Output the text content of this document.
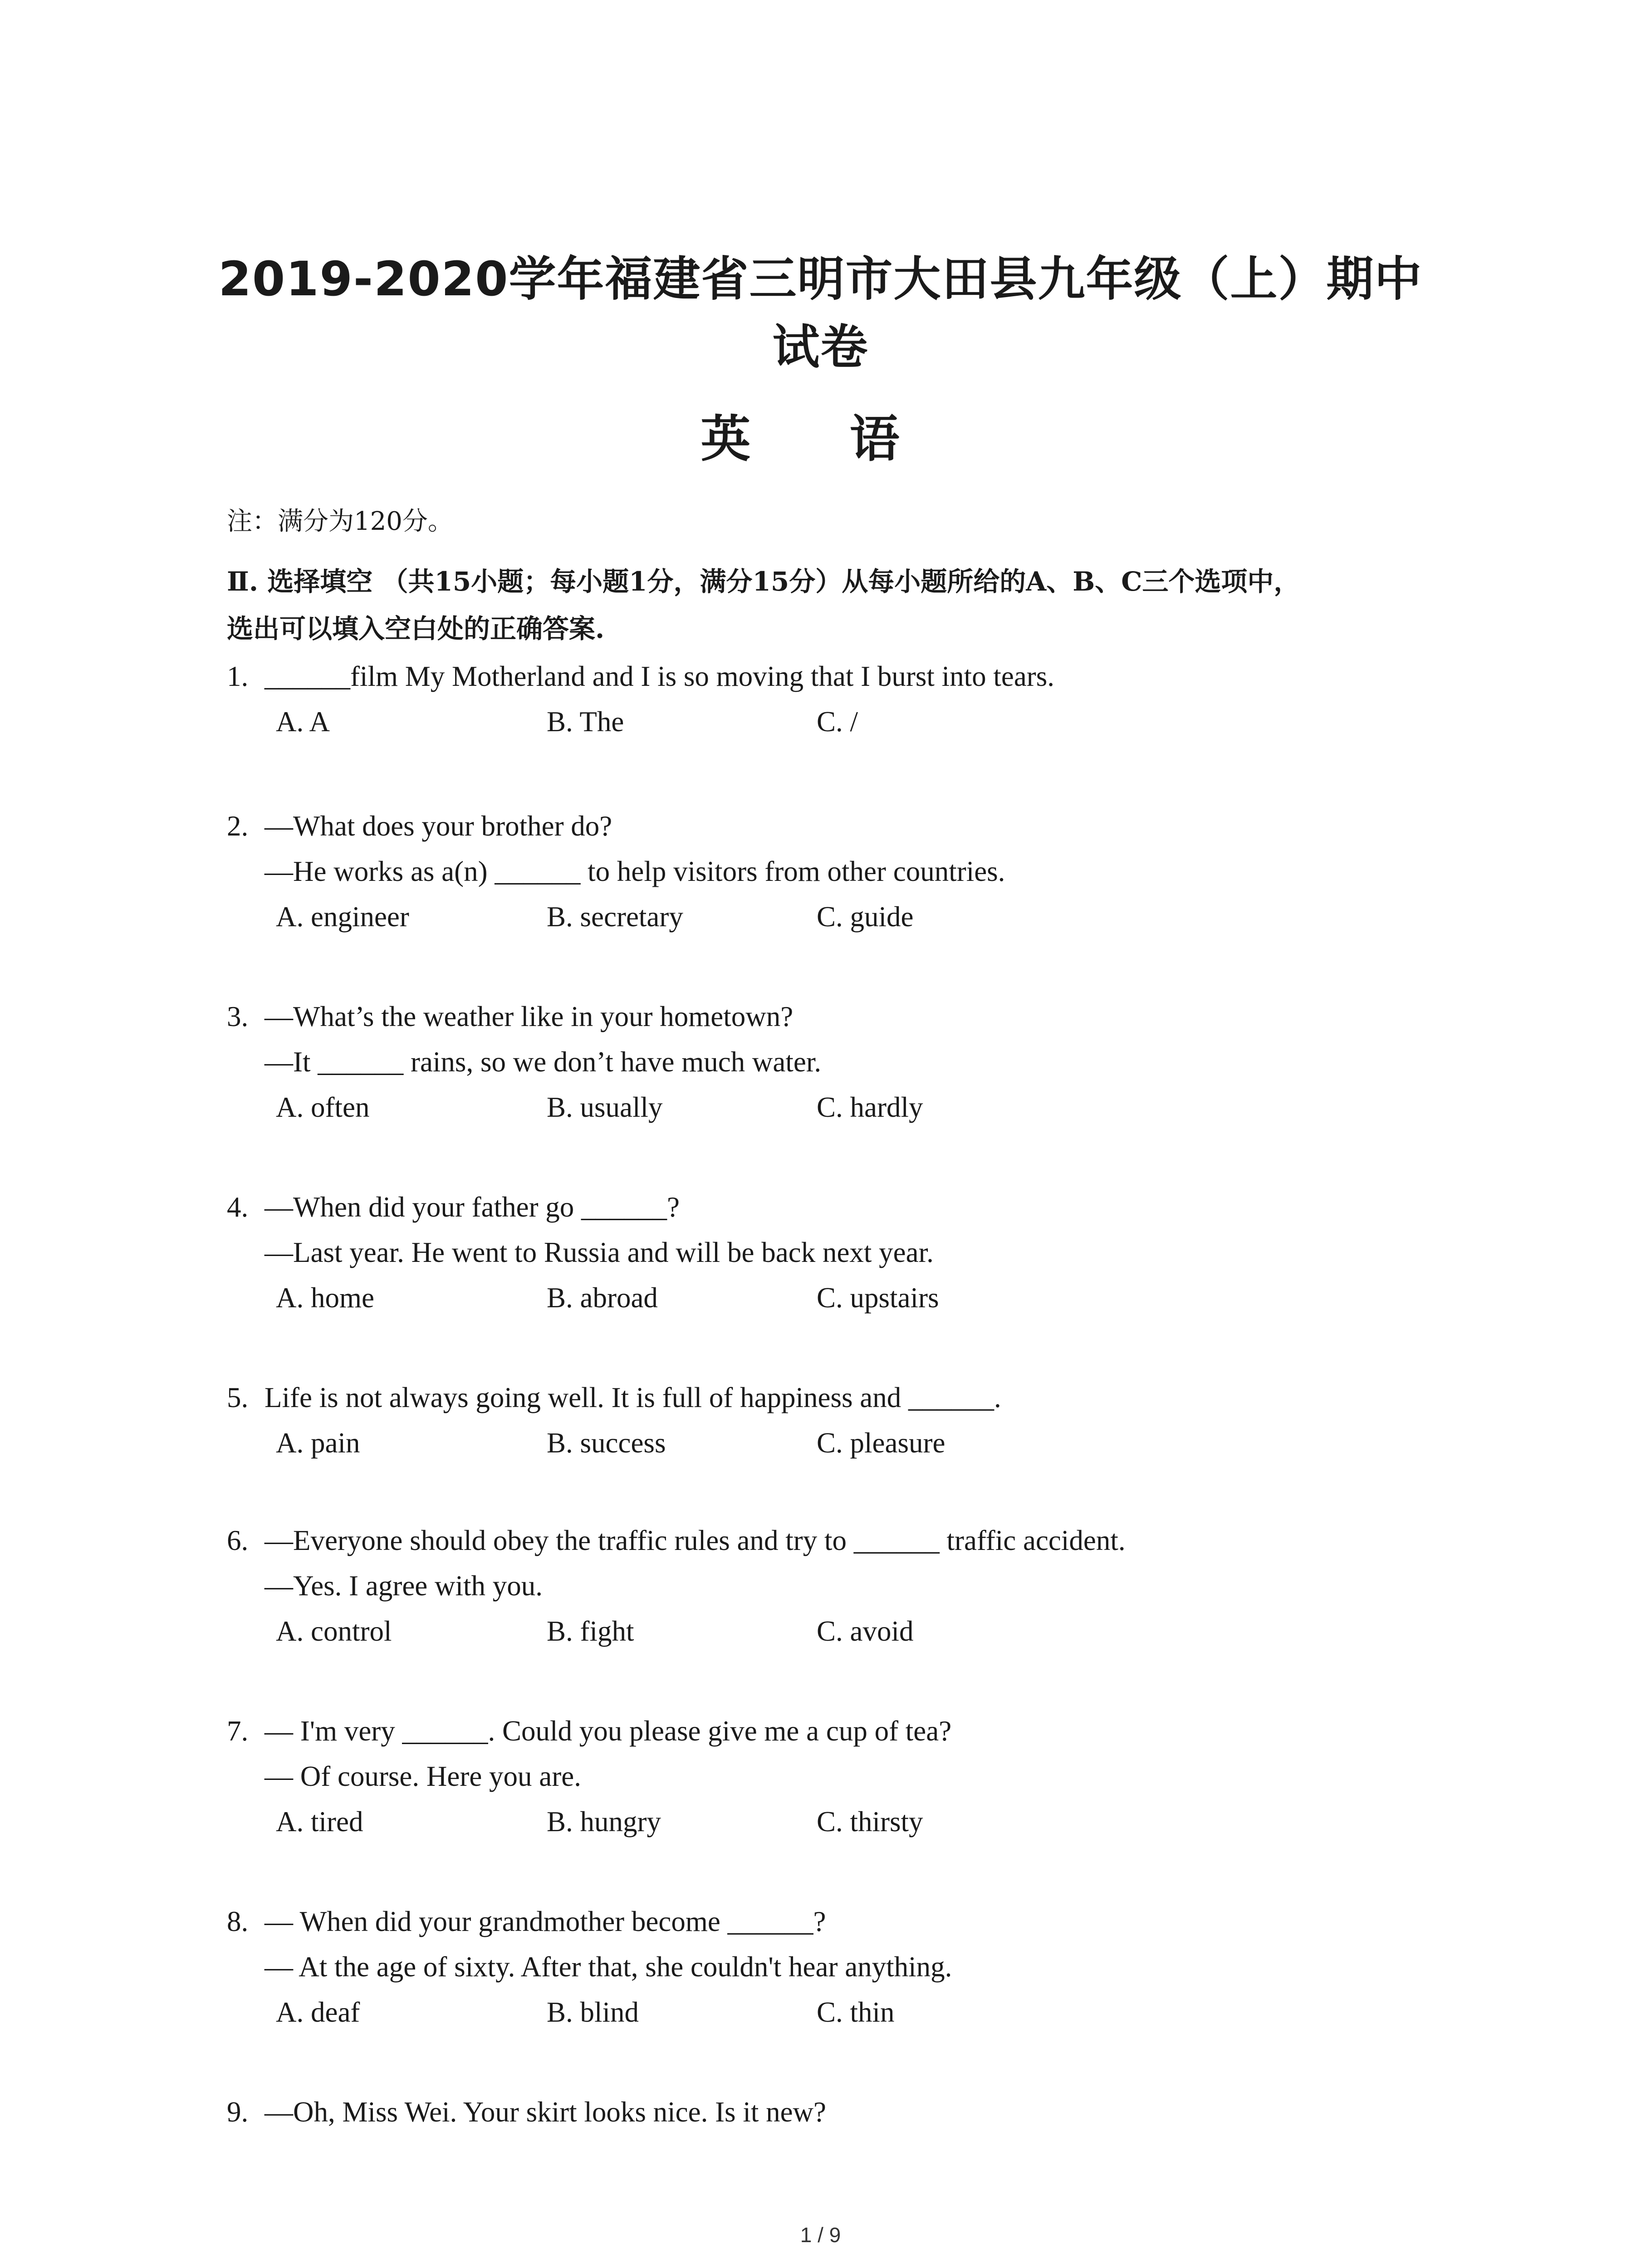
2019-2020学年福建省三明市大田县九年级（上）期中
试卷
英 语
注：满分为120分。
Ⅱ. 选择填空 （共15小题；每小题1分，满分15分）从每小题所给的A、B、C三个选项中，
选出可以填入空白处的正确答案.
1. ______film My Motherland and I is so moving that I burst into tears.
A. A	B. The	C. /
2. —What does your brother do?
—He works as a(n) ______ to help visitors from other countries.
A. engineer	B. secretary	C. guide
3. —What’s the weather like in your hometown?
—It ______ rains, so we don’t have much water.
A. often	B. usually	C. hardly
4. —When did your father go ______?
—Last year. He went to Russia and will be back next year.
A. home	B. abroad	C. upstairs
5. Life is not always going well. It is full of happiness and ______.
A. pain	B. success	C. pleasure
6. —Everyone should obey the traffic rules and try to ______ traffic accident.
—Yes. I agree with you.
A. control	B. fight	C. avoid
7. — I'm very ______. Could you please give me a cup of tea?
— Of course. Here you are.
A. tired	B. hungry	C. thirsty
8. — When did your grandmother become ______?
— At the age of sixty. After that, she couldn't hear anything.
A. deaf	B. blind	C. thin
9. —Oh, Miss Wei. Your skirt looks nice. Is it new?
1 / 9
